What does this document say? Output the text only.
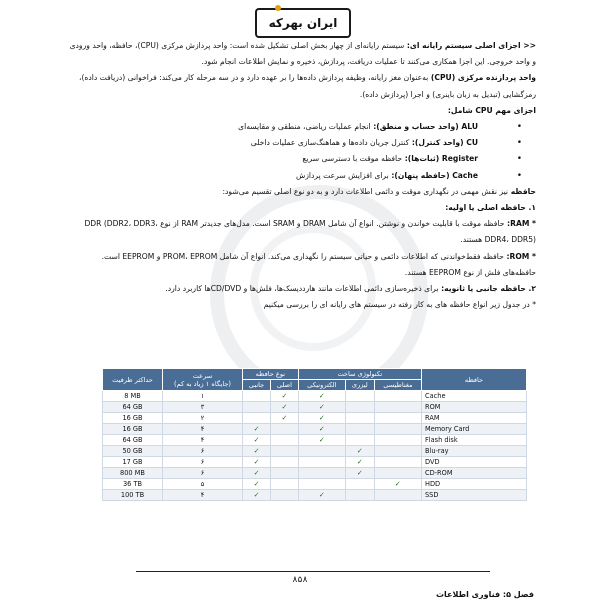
ایران‌ بهرکه

<< اجزای اصلی سیستم رایانه ای: سیستم رایانه‌ای از چهار بخش اصلی تشکیل شده است: واحد پردازش مرکزی (CPU)، حافظه، واحد ورودی و واحد خروجی. این اجزا همکاری می‌کنند تا عملیات دریافت، پردازش، ذخیره و نمایش اطلاعات انجام شود.

واحد پردازنده مرکزی (CPU) به‌عنوان مغز رایانه، وظیفه پردازش داده‌ها را بر عهده دارد و در سه مرحله کار می‌کند: فراخوانی (دریافت داده)، رمزگشایی (تبدیل به زبان باینری) و اجرا (پردازش داده).

اجزای مهم CPU شامل:

• ALU (واحد حساب و منطق): انجام عملیات ریاضی، منطقی و مقایسه‌ای

• CU (واحد کنترل): کنترل جریان داده‌ها و هماهنگ‌سازی عملیات داخلی

• Register (ثبات‌ها): حافظه موقت با دسترسی سریع

• Cache (حافظه پنهان): برای افزایش سرعت پردازش

حافظه نیز نقش مهمی در نگهداری موقت و دائمی اطلاعات دارد و به دو نوع اصلی تقسیم می‌شود:

۱. حافظه اصلی یا اولیه:

* RAM: حافظه موقت با قابلیت خواندن و نوشتن. انواع آن شامل DRAM و SRAM است. مدل‌های جدیدتر RAM از نوع DDR (DDR2، DDR3، DDR4، DDR5) هستند.

* ROM: حافظه فقط‌خواندنی که اطلاعات دائمی و حیاتی سیستم را نگهداری می‌کند. انواع آن شامل PROM، EPROM و EEPROM است. حافظه‌های فلش از نوع EEPROM هستند.

۲. حافظه جانبی یا ثانویه: برای ذخیره‌سازی دائمی اطلاعات مانند هارددیسک‌ها، فلش‌ها و CD/DVDها کاربرد دارد.

* در جدول زیر انواع حافظه های به کار رفته در سیستم های رایانه ای را بررسی میکنیم

حداکثر ظرفیت	سرعت
(جایگاه ۱ زیاد به کم)	نوع حافظه		تکنولوژی ساخت			حافظه
		جانبی	اصلی	الکترونیکی	لیزری	مغناطیسی	
8 MB	۱		✓	✓			Cache
64 GB	۳		✓	✓			ROM
16 GB	۲		✓	✓			RAM
16 GB	۴	✓		✓			Memory Card
64 GB	۴	✓		✓			Flash disk
50 GB	۶	✓			✓		Blu-ray
17 GB	۶	✓			✓		DVD
800 MB	۶	✓			✓		CD-ROM
36 TB	۵	✓				✓	HDD
100 TB	۴	✓		✓			SSD
۸۵۸
فصل ۵: فناوری اطلاعات
